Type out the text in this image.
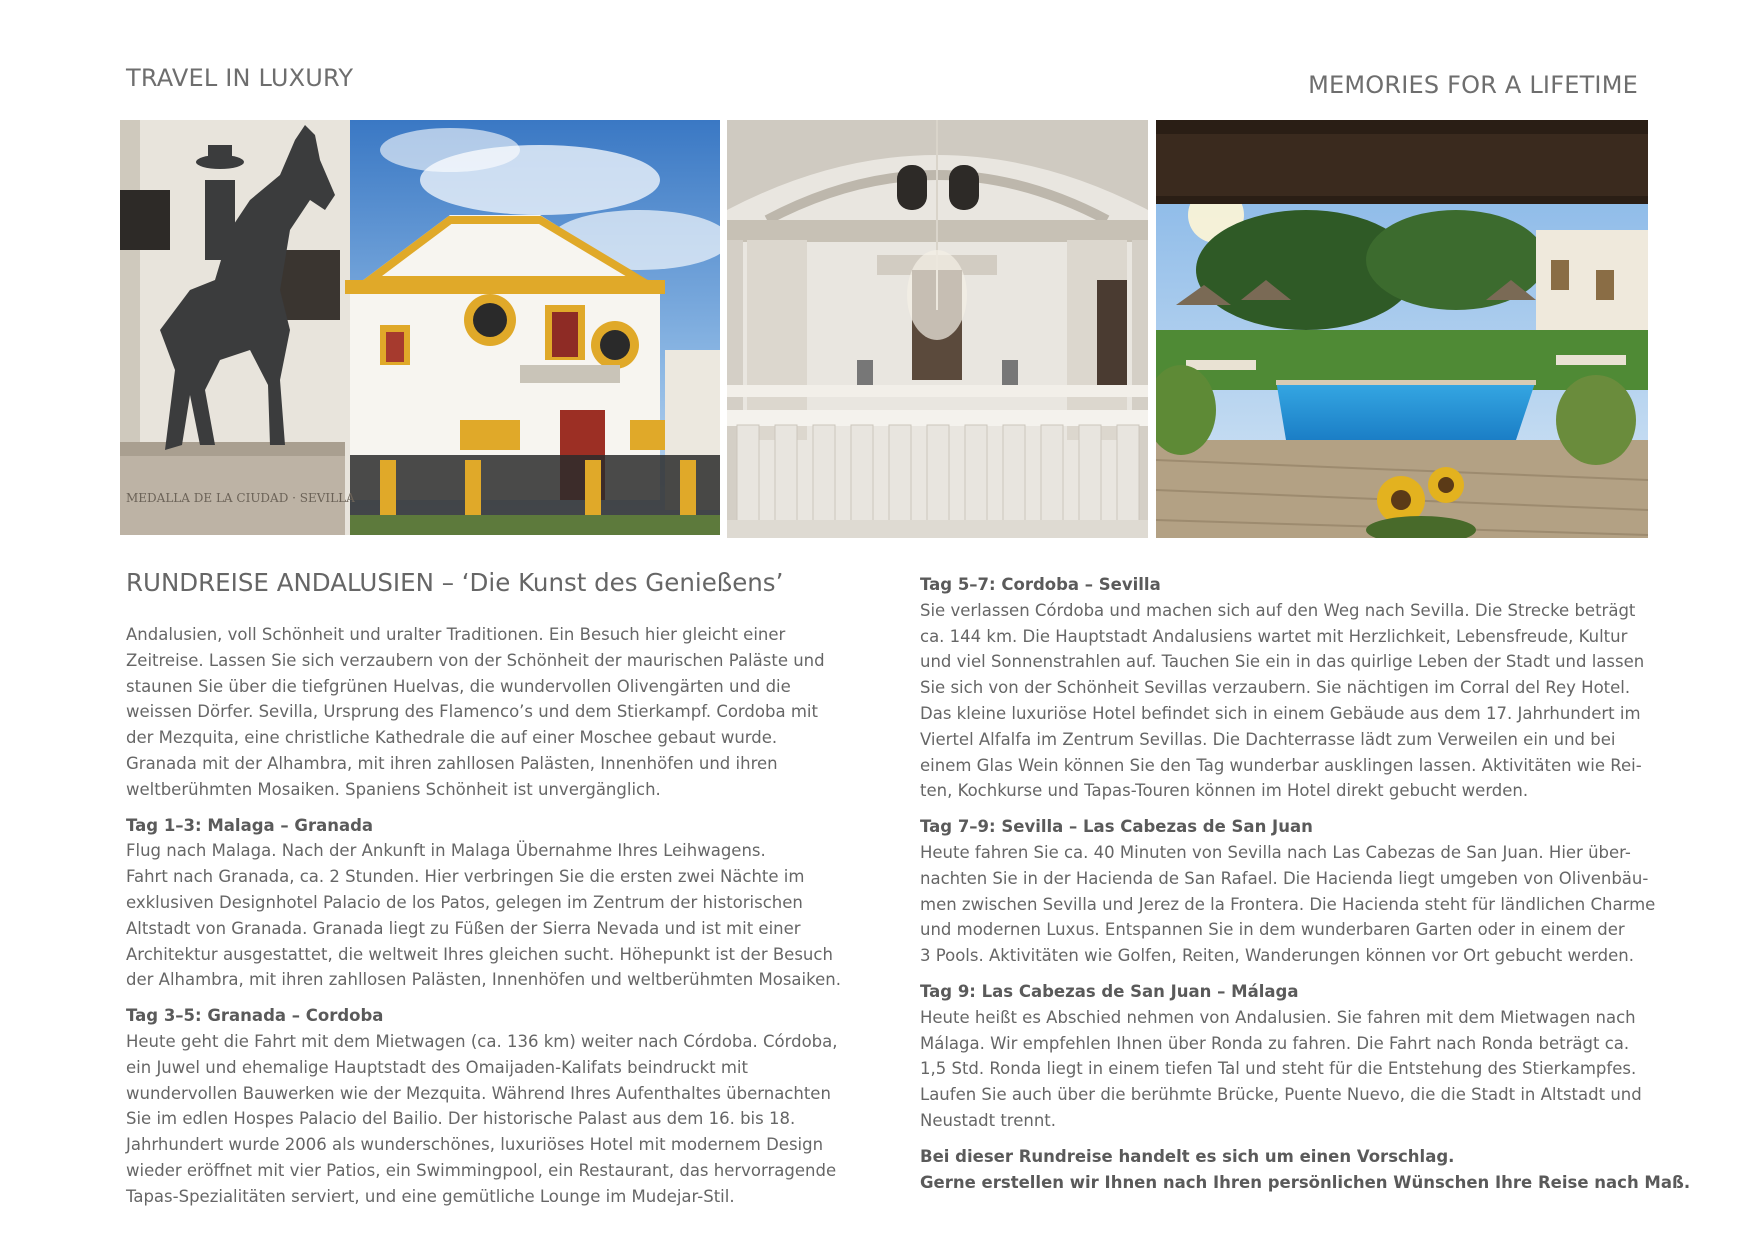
TRAVEL IN LUXURY	MEMORIES FOR A LIFETIME
MEDALLA DE LA CIUDAD · SEVILLA
RUNDREISE ANDALUSIEN – ‘Die Kunst des Genießens’
Andalusien, voll Schönheit und uralter Traditionen. Ein Besuch hier gleicht einer
Zeitreise. Lassen Sie sich verzaubern von der Schönheit der maurischen Paläste und
staunen Sie über die tiefgrünen Huelvas, die wundervollen Olivengärten und die
weissen Dörfer. Sevilla, Ursprung des Flamenco’s und dem Stierkampf. Cordoba mit
der Mezquita, eine christliche Kathedrale die auf einer Moschee gebaut wurde.
Granada mit der Alhambra, mit ihren zahllosen Palästen, Innenhöfen und ihren
weltberühmten Mosaiken. Spaniens Schönheit ist unvergänglich.
Tag 1–3: Malaga – Granada
Flug nach Malaga. Nach der Ankunft in Malaga Übernahme Ihres Leihwagens.
Fahrt nach Granada, ca. 2 Stunden. Hier verbringen Sie die ersten zwei Nächte im
exklusiven Designhotel Palacio de los Patos, gelegen im Zentrum der historischen
Altstadt von Granada. Granada liegt zu Füßen der Sierra Nevada und ist mit einer
Architektur ausgestattet, die weltweit Ihres gleichen sucht. Höhepunkt ist der Besuch
der Alhambra, mit ihren zahllosen Palästen, Innenhöfen und weltberühmten Mosaiken.
Tag 3–5: Granada – Cordoba
Heute geht die Fahrt mit dem Mietwagen (ca. 136 km) weiter nach Córdoba. Córdoba,
ein Juwel und ehemalige Hauptstadt des Omaijaden-Kalifats beindruckt mit
wundervollen Bauwerken wie der Mezquita. Während Ihres Aufenthaltes übernachten
Sie im edlen Hospes Palacio del Bailio. Der historische Palast aus dem 16. bis 18.
Jahrhundert wurde 2006 als wunderschönes, luxuriöses Hotel mit modernem Design
wieder eröffnet mit vier Patios, ein Swimmingpool, ein Restaurant, das hervorragende
Tapas-Spezialitäten serviert, und eine gemütliche Lounge im Mudejar-Stil.
Tag 5–7: Cordoba – Sevilla
Sie verlassen Córdoba und machen sich auf den Weg nach Sevilla. Die Strecke beträgt
ca. 144 km. Die Hauptstadt Andalusiens wartet mit Herzlichkeit, Lebensfreude, Kultur
und viel Sonnenstrahlen auf. Tauchen Sie ein in das quirlige Leben der Stadt und lassen
Sie sich von der Schönheit Sevillas verzaubern. Sie nächtigen im Corral del Rey Hotel.
Das kleine luxuriöse Hotel befindet sich in einem Gebäude aus dem 17. Jahrhundert im
Viertel Alfalfa im Zentrum Sevillas. Die Dachterrasse lädt zum Verweilen ein und bei
einem Glas Wein können Sie den Tag wunderbar ausklingen lassen. Aktivitäten wie Rei-
ten, Kochkurse und Tapas-Touren können im Hotel direkt gebucht werden.
Tag 7–9: Sevilla – Las Cabezas de San Juan
Heute fahren Sie ca. 40 Minuten von Sevilla nach Las Cabezas de San Juan. Hier über-
nachten Sie in der Hacienda de San Rafael. Die Hacienda liegt umgeben von Olivenbäu-
men zwischen Sevilla und Jerez de la Frontera. Die Hacienda steht für ländlichen Charme
und modernen Luxus. Entspannen Sie in dem wunderbaren Garten oder in einem der
3 Pools. Aktivitäten wie Golfen, Reiten, Wanderungen können vor Ort gebucht werden.
Tag 9: Las Cabezas de San Juan – Málaga
Heute heißt es Abschied nehmen von Andalusien. Sie fahren mit dem Mietwagen nach
Málaga. Wir empfehlen Ihnen über Ronda zu fahren. Die Fahrt nach Ronda beträgt ca.
1,5 Std. Ronda liegt in einem tiefen Tal und steht für die Entstehung des Stierkampfes.
Laufen Sie auch über die berühmte Brücke, Puente Nuevo, die die Stadt in Altstadt und
Neustadt trennt.
Bei dieser Rundreise handelt es sich um einen Vorschlag.
Gerne erstellen wir Ihnen nach Ihren persönlichen Wünschen Ihre Reise nach Maß.
